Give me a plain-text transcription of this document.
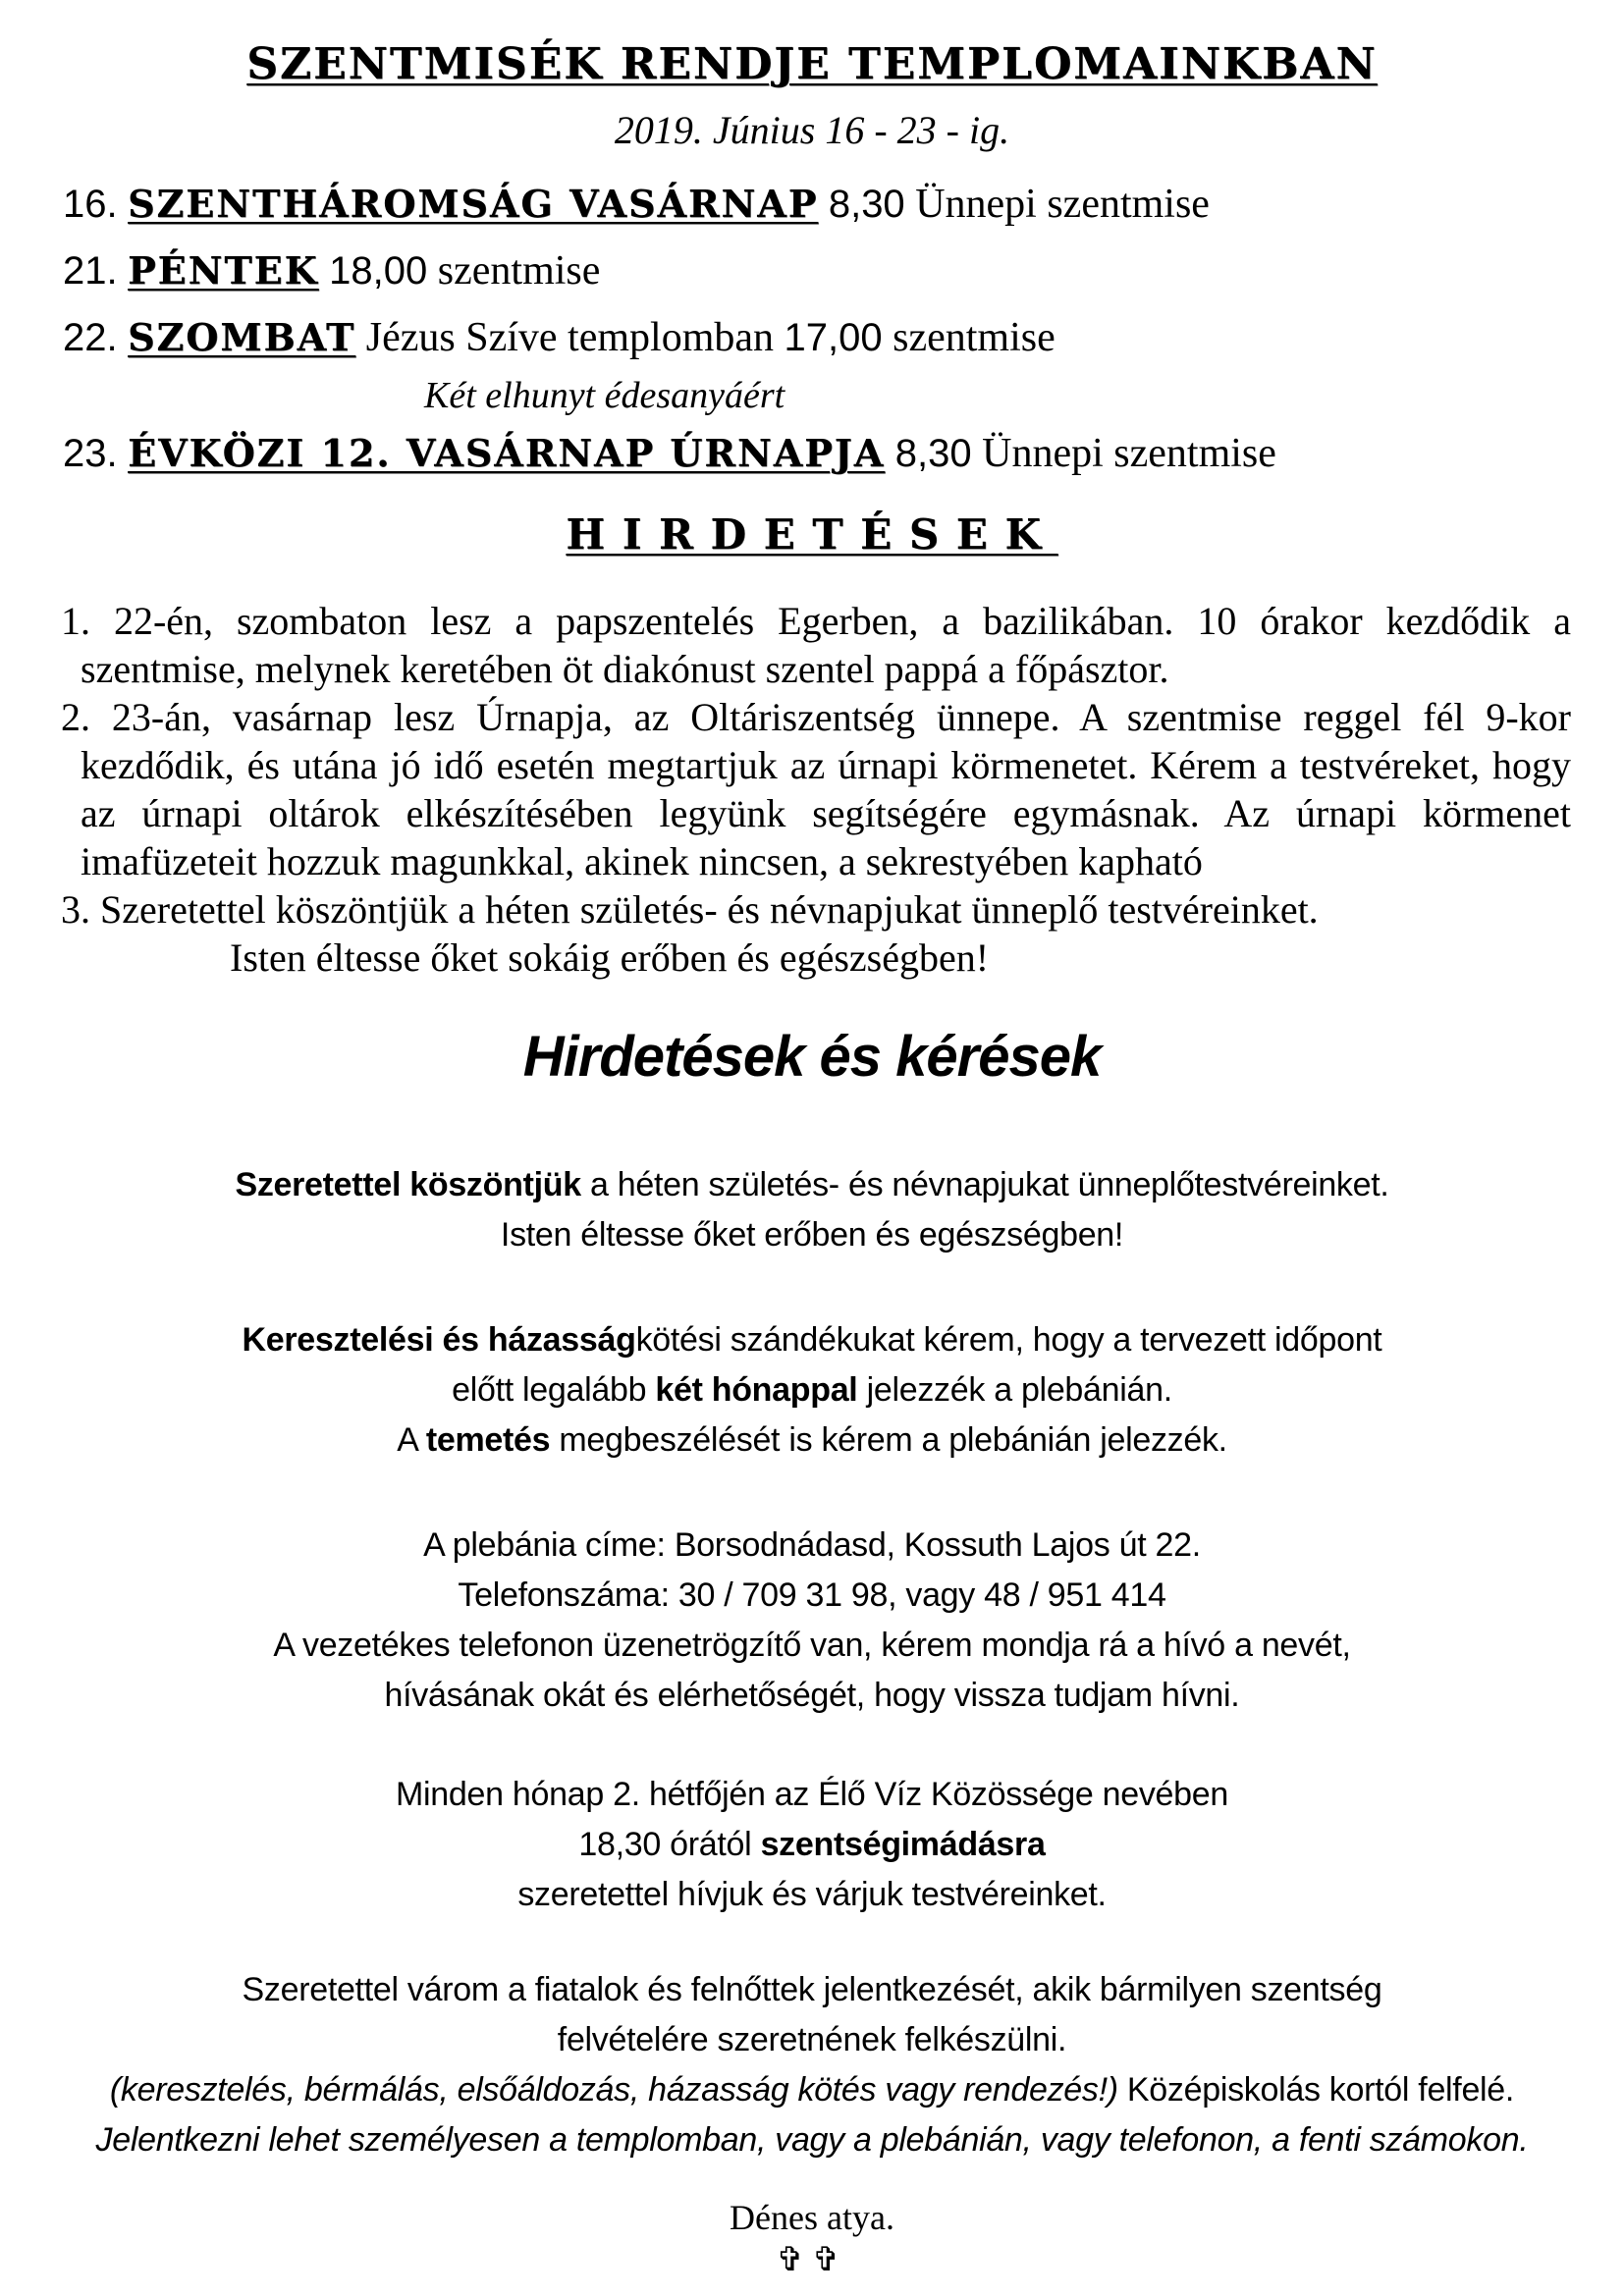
SZENTMISÉK RENDJE TEMPLOMAINKBAN
2019. Június 16 - 23 - ig.
16. SZENTHÁROMSÁG VASÁRNAP 8,30 Ünnepi szentmise
21. PÉNTEK 18,00 szentmise
22. SZOMBAT Jézus Szíve templomban 17,00 szentmise
Két elhunyt édesanyáért
23. ÉVKÖZI 12. VASÁRNAP ÚRNAPJA 8,30 Ünnepi szentmise
HIRDETÉSEK

1. 22-én, szombaton lesz a papszentelés Egerben, a bazilikában. 10 órakor kezdődik a szentmise, melynek keretében öt diakónust szentel pappá a főpásztor.

2. 23-án, vasárnap lesz Úrnapja, az Oltáriszentség ünnepe. A szentmise reggel fél 9-kor kezdődik, és utána jó idő esetén megtartjuk az úrnapi körmenetet. Kérem a testvéreket, hogy az úrnapi oltárok elkészítésében legyünk segítségére egymásnak. Az úrnapi körmenet imafüzeteit hozzuk magunkkal, akinek nincsen, a sekrestyében kapható

3. Szeretettel köszöntjük a héten születés- és névnapjukat ünneplő testvéreinket.

Isten éltesse őket sokáig erőben és egészségben!
Hirdetések és kérések
Szeretettel köszöntjük a héten születés- és névnapjukat ünneplőtestvéreinket.
Isten éltesse őket erőben és egészségben!
Keresztelési és házasságkötési szándékukat kérem, hogy a tervezett időpont
előtt legalább két hónappal jelezzék a plebánián.
A temetés megbeszélését is kérem a plebánián jelezzék.
A plebánia címe: Borsodnádasd, Kossuth Lajos út 22.
Telefonszáma: 30 / 709 31 98, vagy 48 / 951 414
A vezetékes telefonon üzenetrögzítő van, kérem mondja rá a hívó a nevét,
hívásának okát és elérhetőségét, hogy vissza tudjam hívni.
Minden hónap 2. hétfőjén az Élő Víz Közössége nevében
18,30 órától szentségimádásra
szeretettel hívjuk és várjuk testvéreinket.
Szeretettel várom a fiatalok és felnőttek jelentkezését, akik bármilyen szentség
felvételére szeretnének felkészülni.
(keresztelés, bérmálás, elsőáldozás, házasság kötés vagy rendezés!) Középiskolás kortól felfelé.
Jelentkezni lehet személyesen a templomban, vagy a plebánián, vagy telefonon, a fenti számokon.
Dénes atya.
✞✞
